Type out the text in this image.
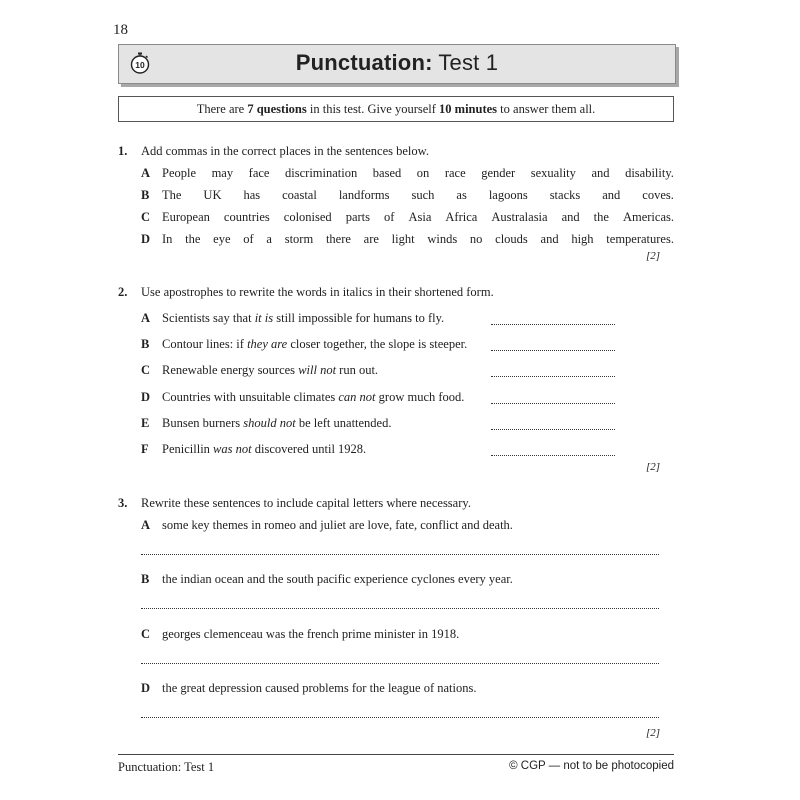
18
10	Punctuation: Test 1
There are 7 questions in this test. Give yourself 10 minutes to answer them all.
1. Add commas in the correct places in the sentences below.
A People may face discrimination based on race gender sexuality and disability.
B The UK has coastal landforms such as lagoons stacks and coves.
C European countries colonised parts of Asia Africa Australasia and the Americas.
D In the eye of a storm there are light winds no clouds and high temperatures.
[2]
2. Use apostrophes to rewrite the words in italics in their shortened form.
A Scientists say that it is still impossible for humans to fly.
B Contour lines: if they are closer together, the slope is steeper.
C Renewable energy sources will not run out.
D Countries with unsuitable climates can not grow much food.
E Bunsen burners should not be left unattended.
F Penicillin was not discovered until 1928.
[2]
3. Rewrite these sentences to include capital letters where necessary.
A some key themes in romeo and juliet are love, fate, conflict and death.
B the indian ocean and the south pacific experience cyclones every year.
C georges clemenceau was the french prime minister in 1918.
D the great depression caused problems for the league of nations.
[2]
Punctuation: Test 1	© CGP — not to be photocopied
